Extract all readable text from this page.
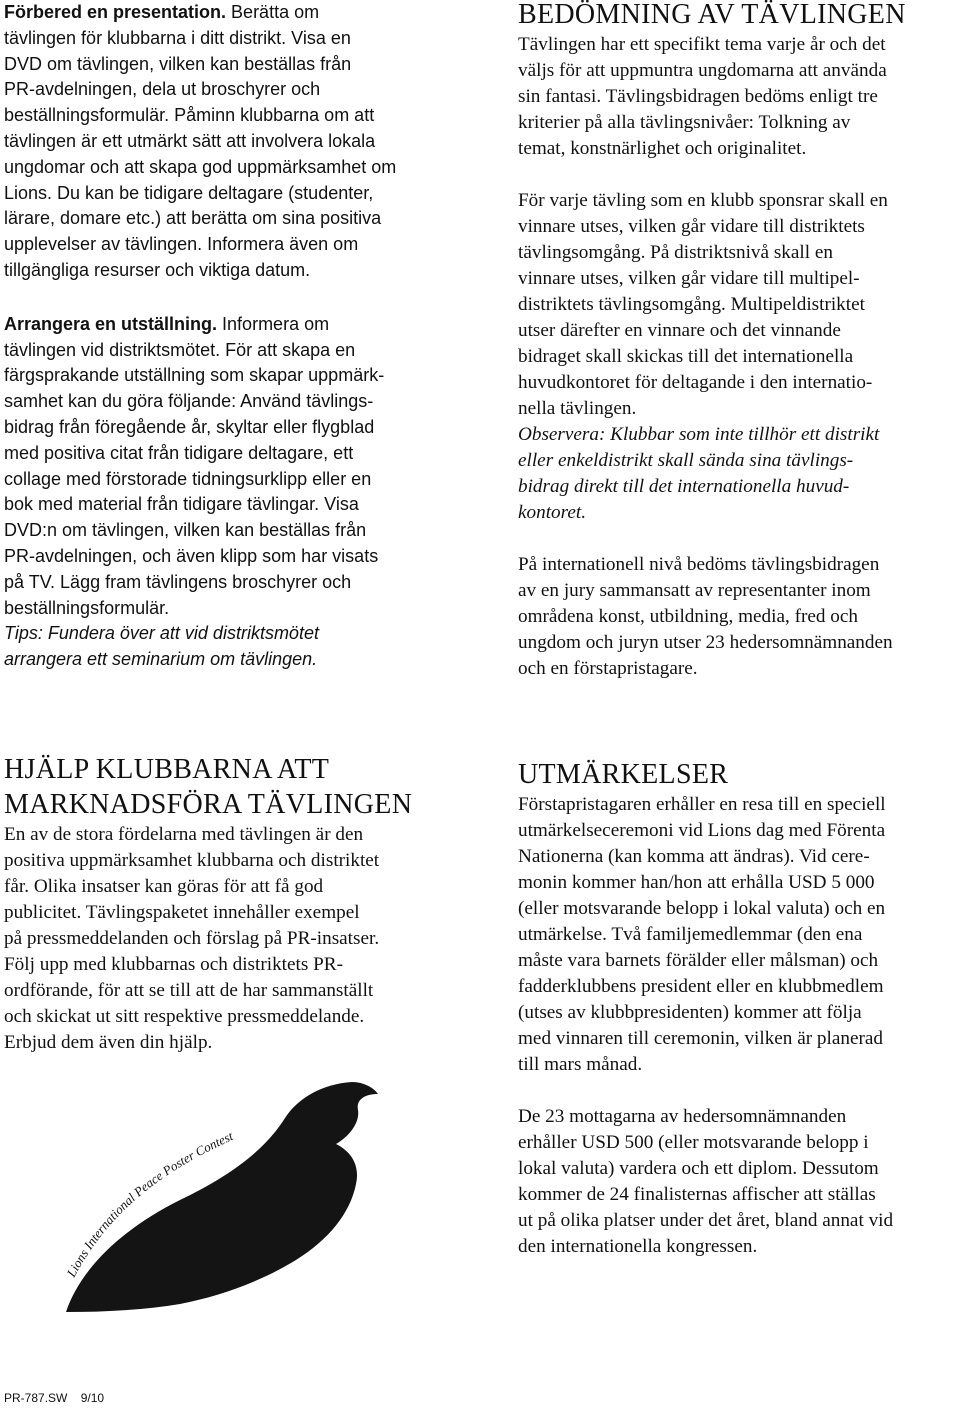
Förbered en presentation. Berätta om
tävlingen för klubbarna i ditt distrikt. Visa en
DVD om tävlingen, vilken kan beställas från
PR-avdelningen, dela ut broschyrer och
beställningsformulär. Påminn klubbarna om att
tävlingen är ett utmärkt sätt att involvera lokala
ungdomar och att skapa god uppmärksamhet om
Lions. Du kan be tidigare deltagare (studenter,
lärare, domare etc.) att berätta om sina positiva
upplevelser av tävlingen. Informera även om
tillgängliga resurser och viktiga datum.

Arrangera en utställning. Informera om
tävlingen vid distriktsmötet. För att skapa en
färgsprakande utställning som skapar uppmärk-
samhet kan du göra följande: Använd tävlings-
bidrag från föregående år, skyltar eller flygblad
med positiva citat från tidigare deltagare, ett
collage med förstorade tidningsurklipp eller en
bok med material från tidigare tävlingar. Visa
DVD:n om tävlingen, vilken kan beställas från
PR-avdelningen, och även klipp som har visats
på TV. Lägg fram tävlingens broschyrer och
beställningsformulär.

Tips: Fundera över att vid distriktsmötet
arrangera ett seminarium om tävlingen.

BEDÖMNING AV TÄVLINGEN

Tävlingen har ett specifikt tema varje år och det
väljs för att uppmuntra ungdomarna att använda
sin fantasi. Tävlingsbidragen bedöms enligt tre
kriterier på alla tävlingsnivåer: Tolkning av
temat, konstnärlighet och originalitet.

För varje tävling som en klubb sponsrar skall en
vinnare utses, vilken går vidare till distriktets
tävlingsomgång. På distriktsnivå skall en
vinnare utses, vilken går vidare till multipel-
distriktets tävlingsomgång. Multipeldistriktet
utser därefter en vinnare och det vinnande
bidraget skall skickas till det internationella
huvudkontoret för deltagande i den internatio-
nella tävlingen.

Observera: Klubbar som inte tillhör ett distrikt
eller enkeldistrikt skall sända sina tävlings-
bidrag direkt till det internationella huvud-
kontoret.

På internationell nivå bedöms tävlingsbidragen
av en jury sammansatt av representanter inom
områdena konst, utbildning, media, fred och
ungdom och juryn utser 23 hedersomnämnanden
och en förstapristagare.

HJÄLP KLUBBARNA ATT
MARKNADSFÖRA TÄVLINGEN

En av de stora fördelarna med tävlingen är den
positiva uppmärksamhet klubbarna och distriktet
får. Olika insatser kan göras för att få god
publicitet. Tävlingspaketet innehåller exempel
på pressmeddelanden och förslag på PR-insatser.
Följ upp med klubbarnas och distriktets PR-
ordförande, för att se till att de har sammanställt
och skickat ut sitt respektive pressmeddelande.
Erbjud dem även din hjälp.

Lions International Peace Poster Contest
UTMÄRKELSER

Förstapristagaren erhåller en resa till en speciell
utmärkelseceremoni vid Lions dag med Förenta
Nationerna (kan komma att ändras). Vid cere-
monin kommer han/hon att erhålla USD 5 000
(eller motsvarande belopp i lokal valuta) och en
utmärkelse. Två familjemedlemmar (den ena
måste vara barnets förälder eller målsman) och
fadderklubbens president eller en klubbmedlem
(utses av klubbpresidenten) kommer att följa
med vinnaren till ceremonin, vilken är planerad
till mars månad.

De 23 mottagarna av hedersomnämnanden
erhåller USD 500 (eller motsvarande belopp i
lokal valuta) vardera och ett diplom. Dessutom
kommer de 24 finalisternas affischer att ställas
ut på olika platser under det året, bland annat vid
den internationella kongressen.

PR-787.SW    9/10
